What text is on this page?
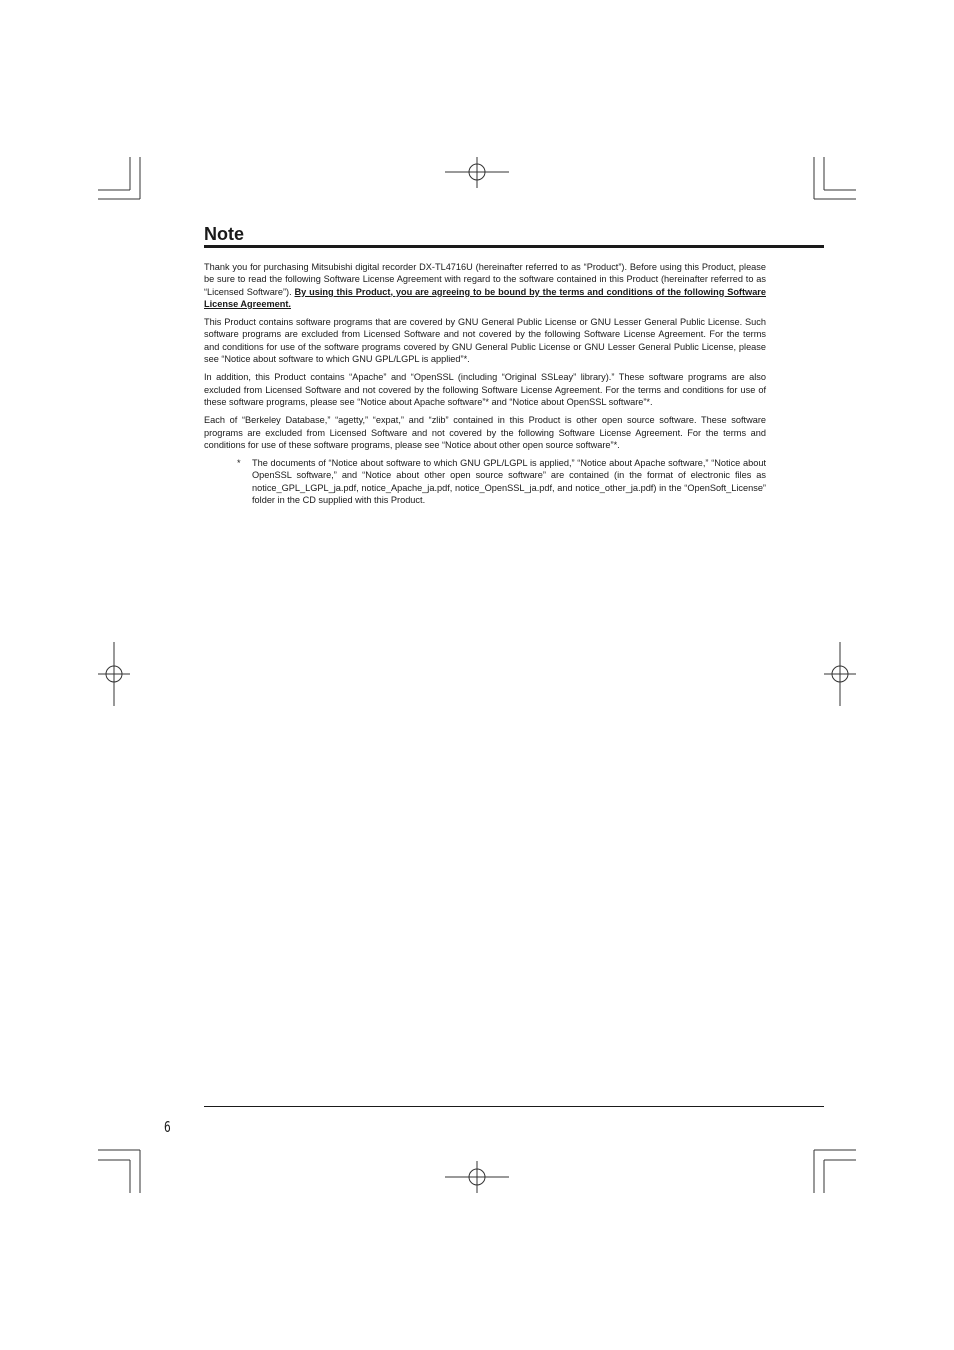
Note

Thank you for purchasing Mitsubishi digital recorder DX-TL4716U (hereinafter referred to as “Product”). Before using this Product, please be sure to read the following Software License Agreement with regard to the software contained in this Product (hereinafter referred to as “Licensed Software”). By using this Product, you are agreeing to be bound by the terms and conditions of the following Software License Agreement.

This Product contains software programs that are covered by GNU General Public License or GNU Lesser General Public License. Such software programs are excluded from Licensed Software and not covered by the following Software License Agreement. For the terms and conditions for use of the software programs covered by GNU General Public License or GNU Lesser General Public License, please see “Notice about software to which GNU GPL/LGPL is applied”*.

In addition, this Product contains “Apache” and “OpenSSL (including “Original SSLeay” library).” These software programs are also excluded from Licensed Software and not covered by the following Software License Agreement. For the terms and conditions for use of these software programs, please see “Notice about Apache software”* and “Notice about OpenSSL software”*.

Each of “Berkeley Database,” “agetty,” “expat,” and “zlib” contained in this Product is other open source software. These software programs are excluded from Licensed Software and not covered by the following Software License Agreement. For the terms and conditions for use of these software programs, please see “Notice about other open source software”*.

* The documents of “Notice about software to which GNU GPL/LGPL is applied,” “Notice about Apache software,” “Notice about OpenSSL software,” and “Notice about other open source software” are contained (in the format of electronic files as notice_GPL_LGPL_ja.pdf, notice_Apache_ja.pdf, notice_OpenSSL_ja.pdf, and notice_other_ja.pdf) in the “OpenSoft_License” folder in the CD supplied with this Product.
6
